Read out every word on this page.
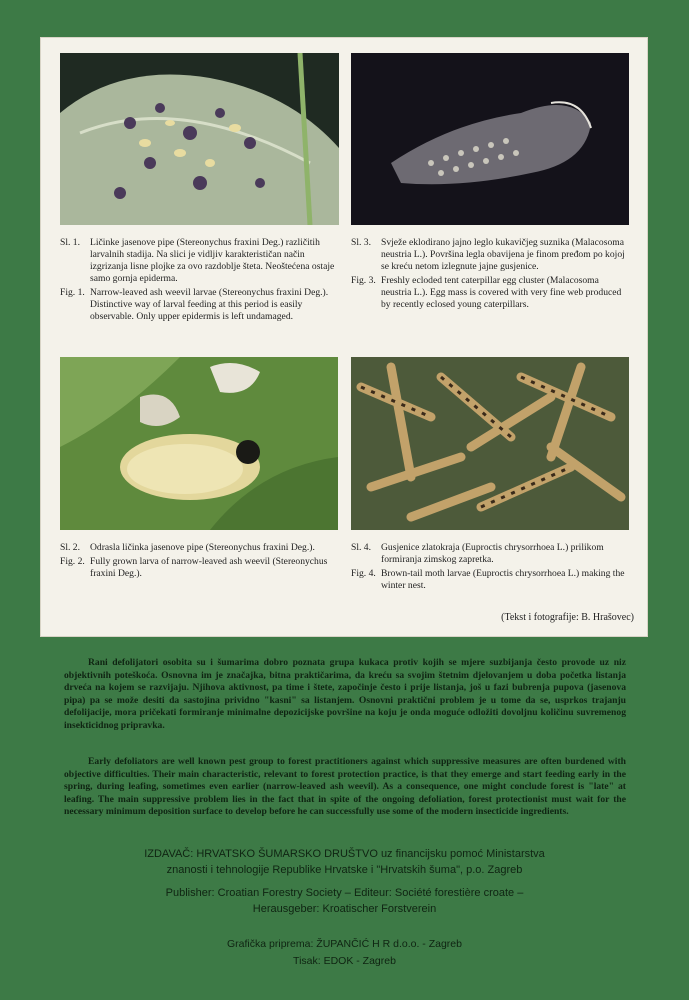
Sl. 1.	Ličinke jasenove pipe (Stereonychus fraxini Deg.) različitih larvalnih stadija. Na slici je vidljiv karakterističan način izgrizanja lisne plojke za ovo razdoblje šteta. Neoštećena ostaje samo gornja epiderma.
Fig. 1. Narrow-leaved ash weevil larvae (Stereonychus fraxini Deg.). Distinctive way of larval feeding at this period is easily observable. Only upper epidermis is left undamaged.
Sl. 3.	Svježe eklodirano jajno leglo kukavičjeg suznika (Malacosoma neustria L.). Površina legla obavijena je finom pređom po kojoj se kreću netom izlegnute jajne gusjenice.
Fig. 3. Freshly ecloded tent caterpillar egg cluster (Malacosoma neustria L.). Egg mass is covered with very fine web produced by recently eclosed young caterpillars.
Sl. 2.	Odrasla ličinka jasenove pipe (Stereonychus fraxini Deg.).
Fig. 2. Fully grown larva of narrow-leaved ash weevil (Stereonychus fraxini Deg.).
Sl. 4.	Gusjenice zlatokraja (Euproctis chrysorrhoea L.) prilikom formiranja zimskog zapretka.
Fig. 4. Brown-tail moth larvae (Euproctis chrysorrhoea L.) making the winter nest.
(Tekst i fotografije: B. Hrašovec)

Rani defolijatori osobita su i šumarima dobro poznata grupa kukaca protiv kojih se mjere suzbijanja često provode uz niz objektivnih poteškoća. Osnovna im je značajka, bitna praktičarima, da kreću sa svojim štetnim djelovanjem u doba početka listanja drveća na kojem se razvijaju. Njihova aktivnost, pa time i štete, započinje često i prije listanja, još u fazi bubrenja pupova (jasenova pipa) pa se može desiti da sastojina prividno "kasni" sa listanjem. Osnovni praktični problem je u tome da se, usprkos trajanju defolijacije, mora pričekati formiranje minimalne depozicijske površine na koju je onda moguće odložiti dovoljnu količinu suvremenog insekticidnog pripravka.

Early defoliators are well known pest group to forest practitioners against which suppressive measures are often burdened with objective difficulties. Their main characteristic, relevant to forest protection practice, is that they emerge and start feeding early in the spring, during leafing, sometimes even earlier (narrow-leaved ash weevil). As a consequence, one might conclude forest is "late" at leafing. The main suppressive problem lies in the fact that in spite of the ongoing defoliation, forest protectionist must wait for the necessary minimum deposition surface to develop before he can successfully use some of the modern insecticide ingredients.

IZDAVAČ: HRVATSKO ŠUMARSKO DRUŠTVO uz financijsku pomoć Ministarstva
znanosti i tehnologije Republike Hrvatske i "Hrvatskih šuma", p.o. Zagreb
Publisher: Croatian Forestry Society – Editeur: Société forestière croate –
Herausgeber: Kroatischer Forstverein
Grafička priprema: ŽUPANČIĆ H R d.o.o. - Zagreb
Tisak: EDOK - Zagreb
